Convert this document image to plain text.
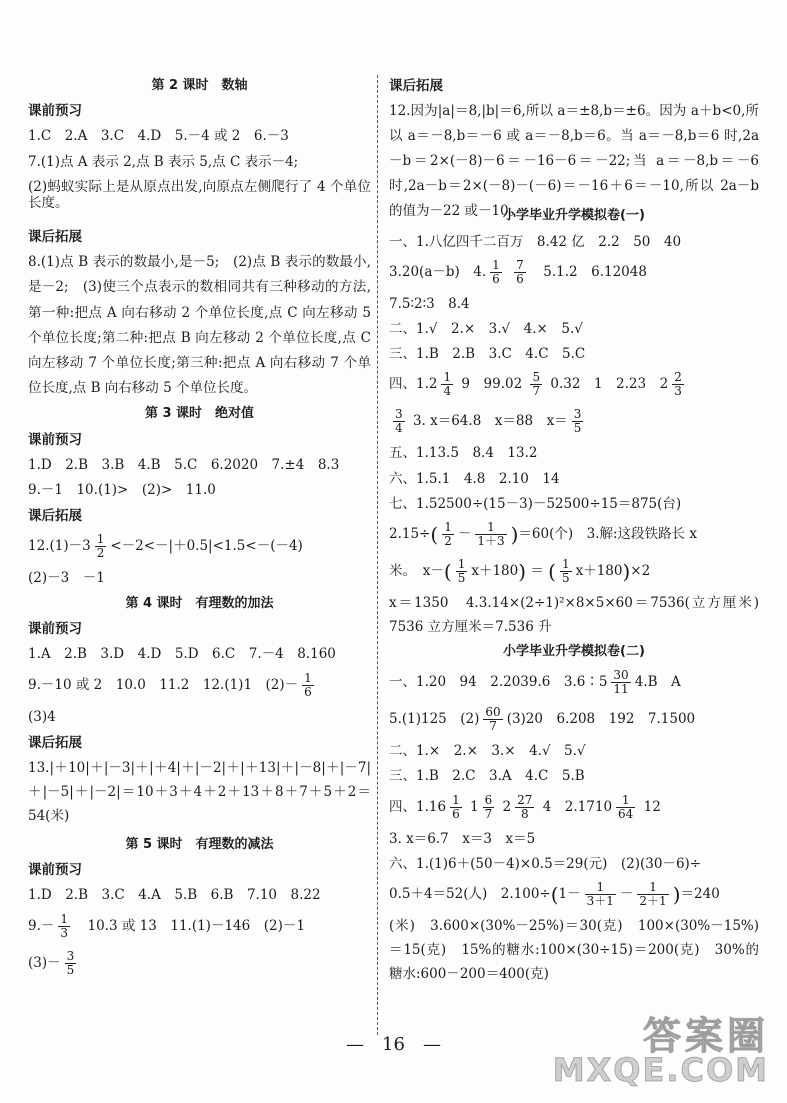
第 2 课时　数轴
课前预习
1.C　2.A　3.C　4.D　5.－4 或 2　6.－3
7.(1)点 A 表示 2,点 B 表示 5,点 C 表示－4;
(2)蚂蚁实际上是从原点出发,向原点左侧爬行了 4 个单位长度。
课后拓展
8.(1)点 B 表示的数最小,是－5;　(2)点 B 表示的数最小,是－2;　(3)使三个点表示的数相同共有三种移动的方法,第一种:把点 A 向右移动 2 个单位长度,点 C 向左移动 5 个单位长度;第二种:把点 B 向左移动 2 个单位长度,点 C 向左移动 7 个单位长度;第三种:把点 A 向右移动 7 个单位长度,点 B 向右移动 5 个单位长度。
第 3 课时　绝对值
课前预习
1.D　2.B　3.B　4.B　5.C　6.2020　7.±4　8.3
9.－1　10.(1)>　(2)>　11.0
课后拓展
$12.(1)-3 \frac{1}{2} <-2<-|+0.5|<1.5<-(-4)$
(2)－3　－1
第 4 课时　有理数的加法
课前预习
1.A　2.B　3.D　4.D　5.D　6.C　7.－4　8.160
9.－10 或 2　10.0　11.2　12.(1)1　$(2)- \frac{1}{6}$
(3)4
课后拓展
13.|＋10|＋|－3|＋|＋4|＋|－2|＋|＋13|＋|－8|＋|－7|＋|－5|＋|－2|＝10＋3＋4＋2＋13＋8＋7＋5＋2＝54(米)
第 5 课时　有理数的减法
课前预习
1.D　2.B　3.C　4.A　5.B　6.B　7.10　8.22
$9.- \frac{1}{3}$ 　10.3 或 13　11.(1)－146　(2)－1
$(3)- \frac{3}{5}$
课后拓展
12.因为|a|＝8,|b|＝6,所以 a＝±8,b＝±6。因为 a＋b<0,所以 a＝－8,b＝－6 或 a＝－8,b＝6。当 a＝－8,b＝6 时,2a－b＝2×(－8)－6＝－16－6＝－22;当 a＝－8,b＝－6 时,2a－b＝2×(－8)－(－6)＝－16＋6＝－10,所以 2a－b 的值为－22 或－10。
小学毕业升学模拟卷(一)
一、1.八亿四千二百万　8.42 亿　2.2　50　40
3.20(a－b)　4. $\frac{1}{6}$
$\frac{7}{6}$ 　5.1.2　6.12048
7.5∶2∶3　8.4
二、1.√　2.×　3.√　4.×　5.√
三、1.B　2.B　3.C　4.C　5.C
四、$1.2 \frac{1}{4} 9$　$99.02 \frac{5}{7} 0.32$　1　2.23　$2 \frac{2}{3}$
$\frac{3}{4} 3$. x＝64.8　x＝88　$x= \frac{3}{5}$
五、1.13.5　8.4　13.2
六、1.5.1　4.8　2.10　14
七、1.52500÷(15－3)－52500÷15＝875(台)
$2.15\div( \frac{1}{2} - \frac{1}{1+3} )=60$(个)　3.解:这段铁路长 x
米。　$x-( \frac{1}{5} x+180)$ ＝ ( $\frac{1}{5} x+180)\times 2$
x＝1350　4.3.14×(2÷1)²×8×5×60＝7536(立方厘米)　7536 立方厘米＝7.536 升
小学毕业升学模拟卷(二)
一、1.20　94　2.2039.6　3.6∶5 $\frac{30}{11} 4.B$　A
5.(1)125　$(2) \frac{60}{7} (3)20$　6.208　192　7.1500
二、1.×　2.×　3.×　4.√　5.√
三、1.B　2.C　3.A　4.C　5.B
四、$1.16 \frac{1}{6} 1 \frac{6}{7} 2 \frac{27}{8} 4$　$2.1710 \frac{1}{64} 12$
3. x＝6.7　x＝3　x＝5
六、1.(1)6＋(50－4)×0.5＝29(元)　(2)(30－6)÷
0.5＋4＝52(人)　$2.100\div(1- \frac{1}{3+1} - \frac{1}{2+1} )=240$
(米)　3.600×(30%－25%)＝30(克)　100×(30%－15%)＝15(克)　15%的糖水:100×(30÷15)＝200(克)　30%的糖水:600－200＝400(克)
—　16　—	答案圈
MXQE.COM
